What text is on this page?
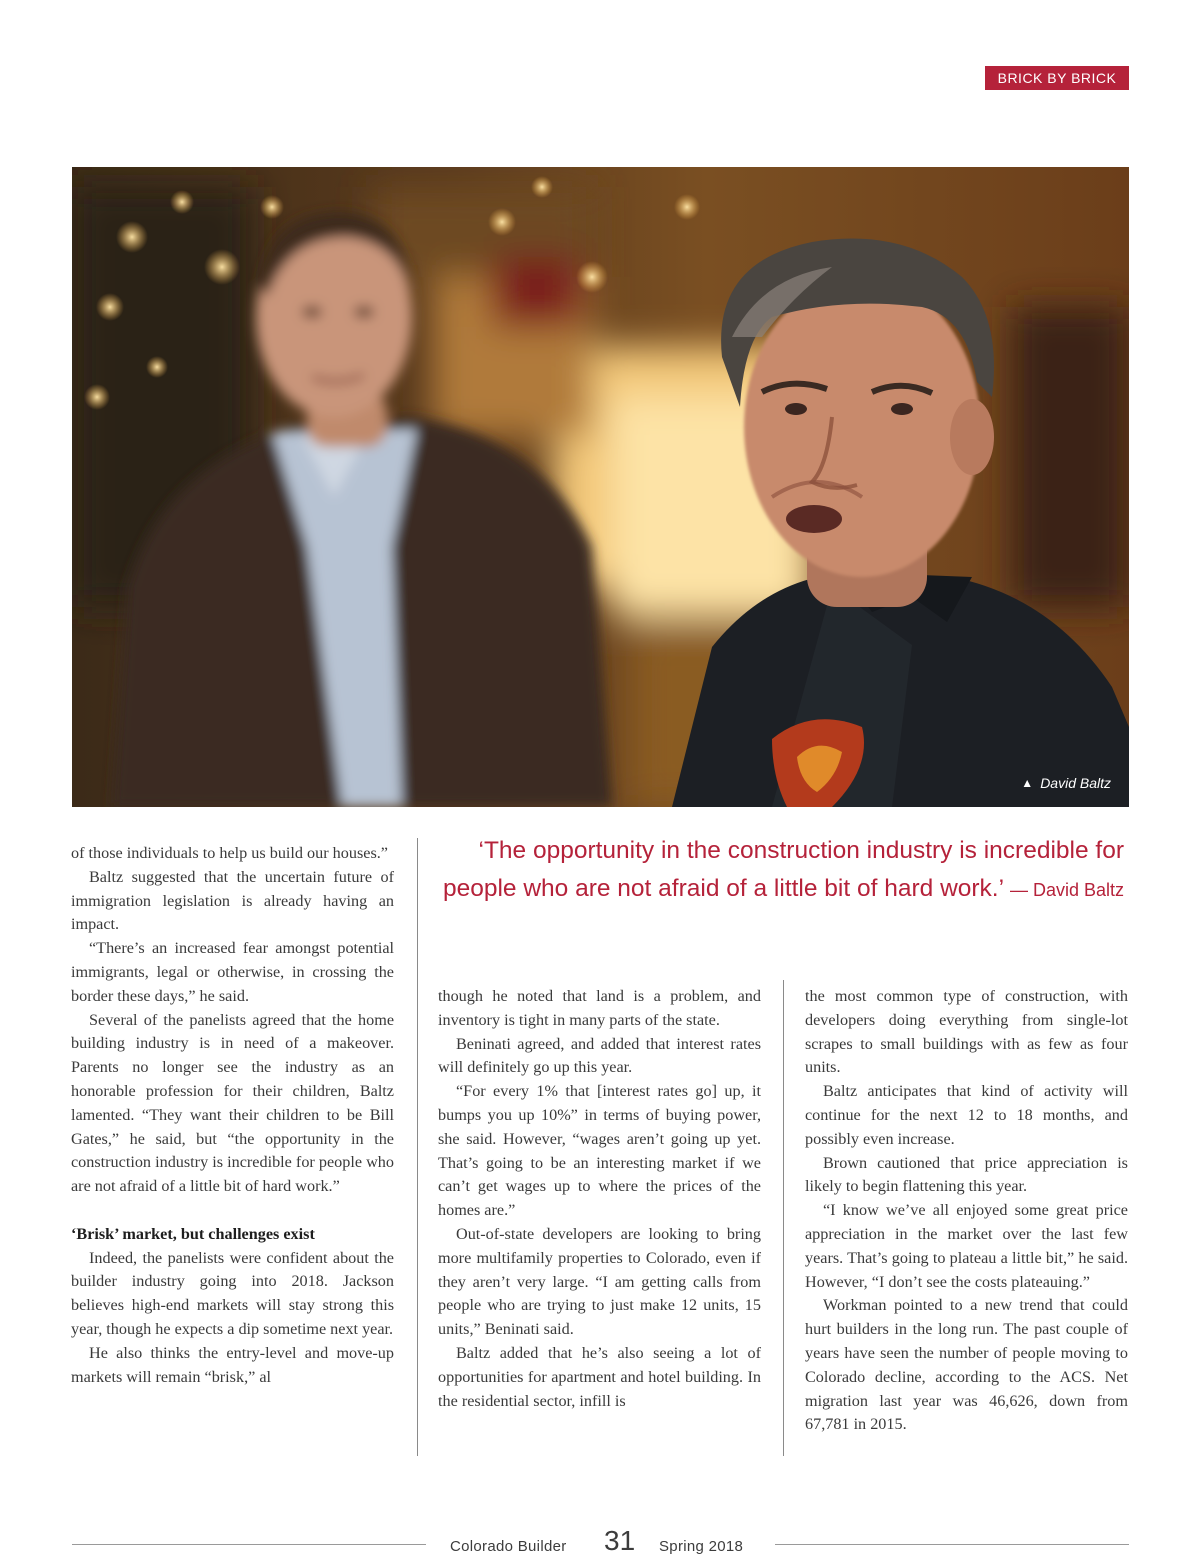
BRICK BY BRICK
▲ David Baltz
‘The opportunity in the construction industry is incredible for people who are not afraid of a little bit of hard work.’ — David Baltz

of those individuals to help us build our houses.”

Baltz suggested that the uncertain future of immigration legislation is already having an impact.

“There’s an increased fear amongst potential immigrants, legal or otherwise, in crossing the border these days,” he said.

Several of the panelists agreed that the home building industry is in need of a makeover. Parents no longer see the industry as an honorable profession for their children, Baltz lamented. “They want their children to be Bill Gates,” he said, but “the opportunity in the construction industry is incredible for people who are not afraid of a little bit of hard work.”

‘Brisk’ market, but challenges exist

Indeed, the panelists were confident about the builder industry going into 2018. Jackson believes high-end markets will stay strong this year, though he expects a dip sometime next year.

He also thinks the entry-level and move-up markets will remain “brisk,” al

though he noted that land is a problem, and inventory is tight in many parts of the state.

Beninati agreed, and added that interest rates will definitely go up this year.

“For every 1% that [interest rates go] up, it bumps you up 10%” in terms of buying power, she said. However, “wages aren’t going up yet. That’s going to be an interesting market if we can’t get wages up to where the prices of the homes are.”

Out-of-state developers are looking to bring more multifamily properties to Colorado, even if they aren’t very large. “I am getting calls from people who are trying to just make 12 units, 15 units,” Beninati said.

Baltz added that he’s also seeing a lot of opportunities for apartment and hotel building. In the residential sector, infill is

the most common type of construction, with developers doing everything from single-lot scrapes to small buildings with as few as four units.

Baltz anticipates that kind of activity will continue for the next 12 to 18 months, and possibly even increase.

Brown cautioned that price appreciation is likely to begin flattening this year.

“I know we’ve all enjoyed some great price appreciation in the market over the last few years. That’s going to plateau a little bit,” he said. However, “I don’t see the costs plateauing.”

Workman pointed to a new trend that could hurt builders in the long run. The past couple of years have seen the number of people moving to Colorado decline, according to the ACS. Net migration last year was 46,626, down from 67,781 in 2015.

Colorado Builder 31 Spring 2018
